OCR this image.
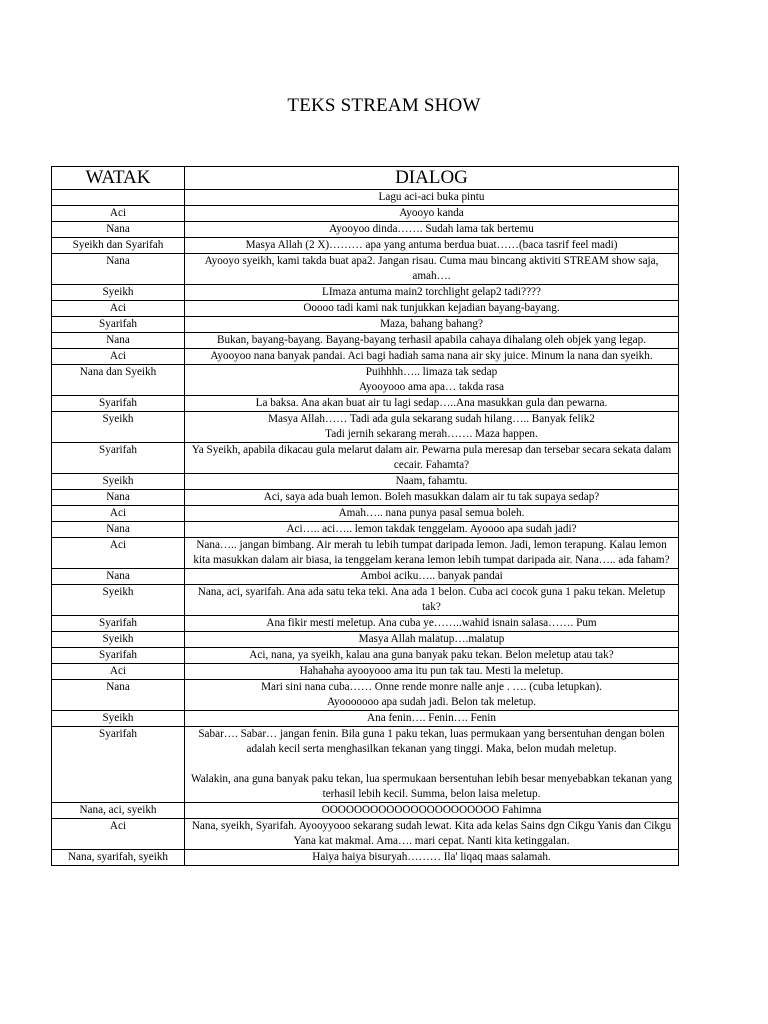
TEKS STREAM SHOW
WATAK	DIALOG

	Lagu aci-aci buka pintu

Aci	Ayooyo kanda

Nana	Ayooyoo dinda……. Sudah lama tak bertemu

Syeikh dan Syarifah	Masya Allah (2 X)……… apa yang antuma berdua buat……(baca tasrif feel madi)

Nana	Ayooyo syeikh, kami takda buat apa2. Jangan risau. Cuma mau bincang aktiviti STREAM show saja, amah….

Syeikh	LImaza antuma main2 torchlight gelap2 tadi????

Aci	Ooooo tadi kami nak tunjukkan kejadian bayang-bayang.

Syarifah	Maza, bahang bahang?

Nana	Bukan, bayang-bayang. Bayang-bayang terhasil apabila cahaya dihalang oleh objek yang legap.

Aci	Ayooyoo nana banyak pandai. Aci bagi hadiah sama nana air sky juice. Minum la nana dan syeikh.

Nana dan Syeikh	Puihhhh….. limaza tak sedap
Ayooyooo ama apa… takda rasa

Syarifah	La baksa. Ana akan buat air tu lagi sedap…..Ana masukkan gula dan pewarna.

Syeikh	Masya Allah…… Tadi ada gula sekarang sudah hilang….. Banyak felik2
Tadi jernih sekarang merah……. Maza happen.

Syarifah	Ya Syeikh, apabila dikacau gula melarut dalam air. Pewarna pula meresap dan tersebar secara sekata dalam cecair. Fahamta?

Syeikh	Naam, fahamtu.

Nana	Aci, saya ada buah lemon. Boleh masukkan dalam air tu tak supaya sedap?

Aci	Amah….. nana punya pasal semua boleh.

Nana	Aci….. aci….. lemon takdak tenggelam. Ayoooo apa sudah jadi?

Aci	Nana….. jangan bimbang. Air merah tu lebih tumpat daripada lemon. Jadi, lemon terapung. Kalau lemon kita masukkan dalam air biasa, ia tenggelam kerana lemon lebih tumpat daripada air. Nana….. ada faham?

Nana	Amboi aciku….. banyak pandai

Syeikh	Nana, aci, syarifah. Ana ada satu teka teki. Ana ada 1 belon. Cuba aci cocok guna 1 paku tekan. Meletup tak?

Syarifah	Ana fikir mesti meletup. Ana cuba ye……..wahid isnain salasa……. Pum

Syeikh	Masya Allah malatup….malatup

Syarifah	Aci, nana, ya syeikh, kalau ana guna banyak paku tekan. Belon meletup atau tak?

Aci	Hahahaha ayooyooo ama itu pun tak tau. Mesti la meletup.

Nana	Mari sini nana cuba…… Onne rende monre nalle anje . …. (cuba letupkan).
Ayooooooo apa sudah jadi. Belon tak meletup.

Syeikh	Ana fenin…. Fenin…. Fenin

Syarifah	Sabar…. Sabar… jangan fenin. Bila guna 1 paku tekan, luas permukaan yang bersentuhan dengan bolen adalah kecil serta menghasilkan tekanan yang tinggi. Maka, belon mudah meletup.
Walakin, ana guna banyak paku tekan, lua spermukaan bersentuhan lebih besar menyebabkan tekanan yang terhasil lebih kecil. Summa, belon laisa meletup.

Nana, aci, syeikh	OOOOOOOOOOOOOOOOOOOOOO Fahimna

Aci	Nana, syeikh, Syarifah. Ayooyyooo sekarang sudah lewat. Kita ada kelas Sains dgn Cikgu Yanis dan Cikgu Yana kat makmal. Ama…. mari cepat. Nanti kita ketinggalan.

Nana, syarifah, syeikh	Haiya haiya bisuryah……… Ila' liqaq maas salamah.
